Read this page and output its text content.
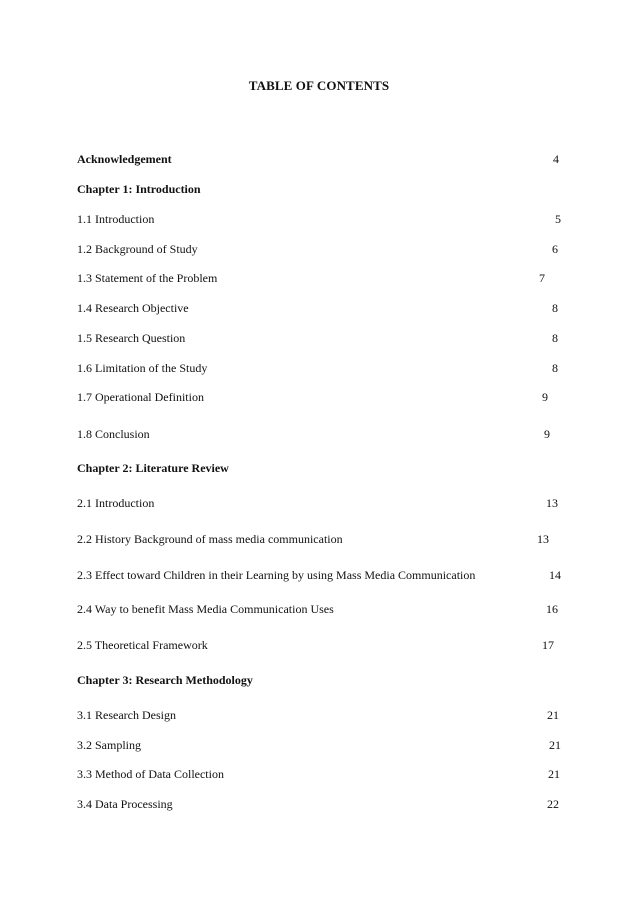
TABLE OF CONTENTS
Acknowledgement	4
Chapter 1: Introduction
1.1 Introduction	5
1.2 Background of Study	6
1.3 Statement of the Problem	7
1.4 Research Objective	8
1.5 Research Question	8
1.6 Limitation of the Study	8
1.7 Operational Definition	9
1.8 Conclusion	9
Chapter 2: Literature Review
2.1 Introduction	13
2.2 History Background of mass media communication	13
2.3 Effect toward Children in their Learning by using Mass Media Communication	14
2.4 Way to benefit Mass Media Communication Uses	16
2.5 Theoretical Framework	17
Chapter 3: Research Methodology
3.1 Research Design	21
3.2 Sampling	21
3.3 Method of Data Collection	21
3.4 Data Processing	22
